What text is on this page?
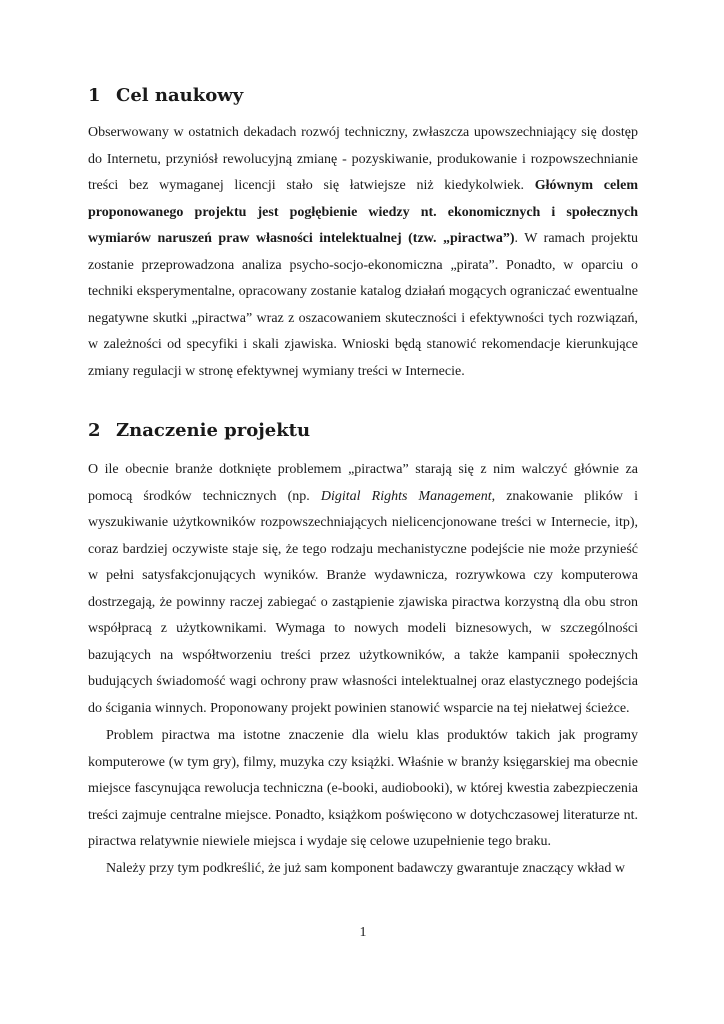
1 Cel naukowy

Obserwowany w ostatnich dekadach rozwój techniczny, zwłaszcza upowszechniający się dostęp do Internetu, przyniósł rewolucyjną zmianę - pozyskiwanie, produkowanie i rozpowszechnianie treści bez wymaganej licencji stało się łatwiejsze niż kiedykolwiek. Głównym celem proponowanego projektu jest pogłębienie wiedzy nt. ekonomicznych i społecznych wymiarów naruszeń praw własności intelektualnej (tzw. „piractwa”). W ramach projektu zostanie przeprowadzona analiza psycho-socjo-ekonomiczna „pirata”. Ponadto, w oparciu o techniki eksperymentalne, opracowany zostanie katalog działań mogących ograniczać ewentualne negatywne skutki „piractwa” wraz z oszacowaniem skuteczności i efektywności tych rozwiązań, w zależności od specyfiki i skali zjawiska. Wnioski będą stanowić rekomendacje kierunkujące zmiany regulacji w stronę efektywnej wymiany treści w Internecie.

2 Znaczenie projektu

O ile obecnie branże dotknięte problemem „piractwa” starają się z nim walczyć głównie za pomocą środków technicznych (np. Digital Rights Management, znakowanie plików i wyszukiwanie użytkowników rozpowszechniających nielicencjonowane treści w Internecie, itp), coraz bardziej oczywiste staje się, że tego rodzaju mechanistyczne podejście nie może przynieść w pełni satysfakcjonujących wyników. Branże wydawnicza, rozrywkowa czy komputerowa dostrzegają, że powinny raczej zabiegać o zastąpienie zjawiska piractwa korzystną dla obu stron współpracą z użytkownikami. Wymaga to nowych modeli biznesowych, w szczególności bazujących na współtworzeniu treści przez użytkowników, a także kampanii społecznych budujących świadomość wagi ochrony praw własności intelektualnej oraz elastycznego podejścia do ścigania winnych. Proponowany projekt powinien stanowić wsparcie na tej niełatwej ścieżce.

Problem piractwa ma istotne znaczenie dla wielu klas produktów takich jak programy komputerowe (w tym gry), filmy, muzyka czy książki. Właśnie w branży księgarskiej ma obecnie miejsce fascynująca rewolucja techniczna (e-booki, audiobooki), w której kwestia zabezpieczenia treści zajmuje centralne miejsce. Ponadto, książkom poświęcono w dotychczasowej literaturze nt. piractwa relatywnie niewiele miejsca i wydaje się celowe uzupełnienie tego braku.

Należy przy tym podkreślić, że już sam komponent badawczy gwarantuje znaczący wkład w

1
